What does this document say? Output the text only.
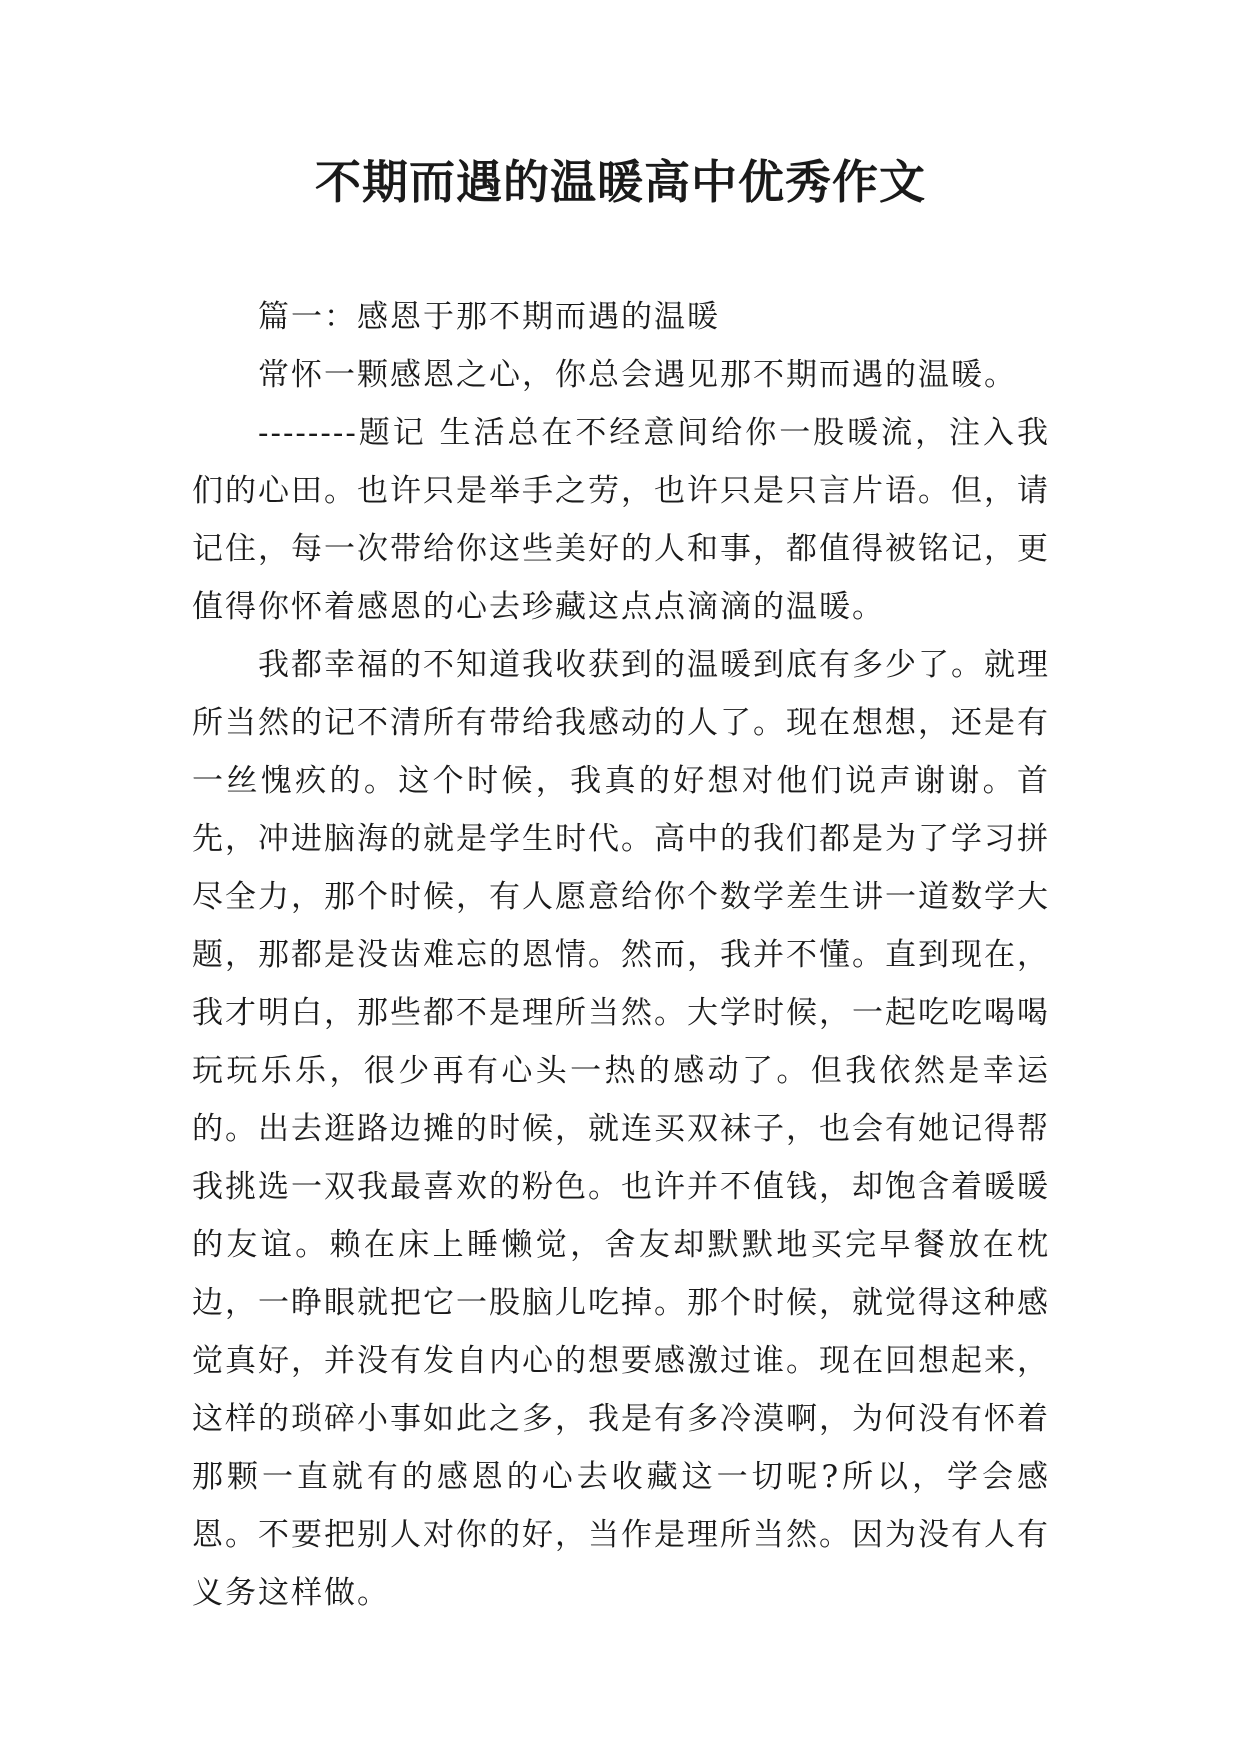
不期而遇的温暖高中优秀作文

篇一：感恩于那不期而遇的温暖

常怀一颗感恩之心，你总会遇见那不期而遇的温暖。

--------题记 生活总在不经意间给你一股暖流，注入我们的心田。也许只是举手之劳，也许只是只言片语。但，请记住，每一次带给你这些美好的人和事，都值得被铭记，更值得你怀着感恩的心去珍藏这点点滴滴的温暖。

我都幸福的不知道我收获到的温暖到底有多少了。就理所当然的记不清所有带给我感动的人了。现在想想，还是有一丝愧疚的。这个时候，我真的好想对他们说声谢谢。首先，冲进脑海的就是学生时代。高中的我们都是为了学习拼尽全力，那个时候，有人愿意给你个数学差生讲一道数学大题，那都是没齿难忘的恩情。然而，我并不懂。直到现在，我才明白，那些都不是理所当然。大学时候，一起吃吃喝喝玩玩乐乐，很少再有心头一热的感动了。但我依然是幸运的。出去逛路边摊的时候，就连买双袜子，也会有她记得帮我挑选一双我最喜欢的粉色。也许并不值钱，却饱含着暖暖的友谊。赖在床上睡懒觉，舍友却默默地买完早餐放在枕边，一睁眼就把它一股脑儿吃掉。那个时候，就觉得这种感觉真好，并没有发自内心的想要感激过谁。现在回想起来，这样的琐碎小事如此之多，我是有多冷漠啊，为何没有怀着那颗一直就有的感恩的心去收藏这一切呢?所以，学会感恩。不要把别人对你的好，当作是理所当然。因为没有人有义务这样做。
